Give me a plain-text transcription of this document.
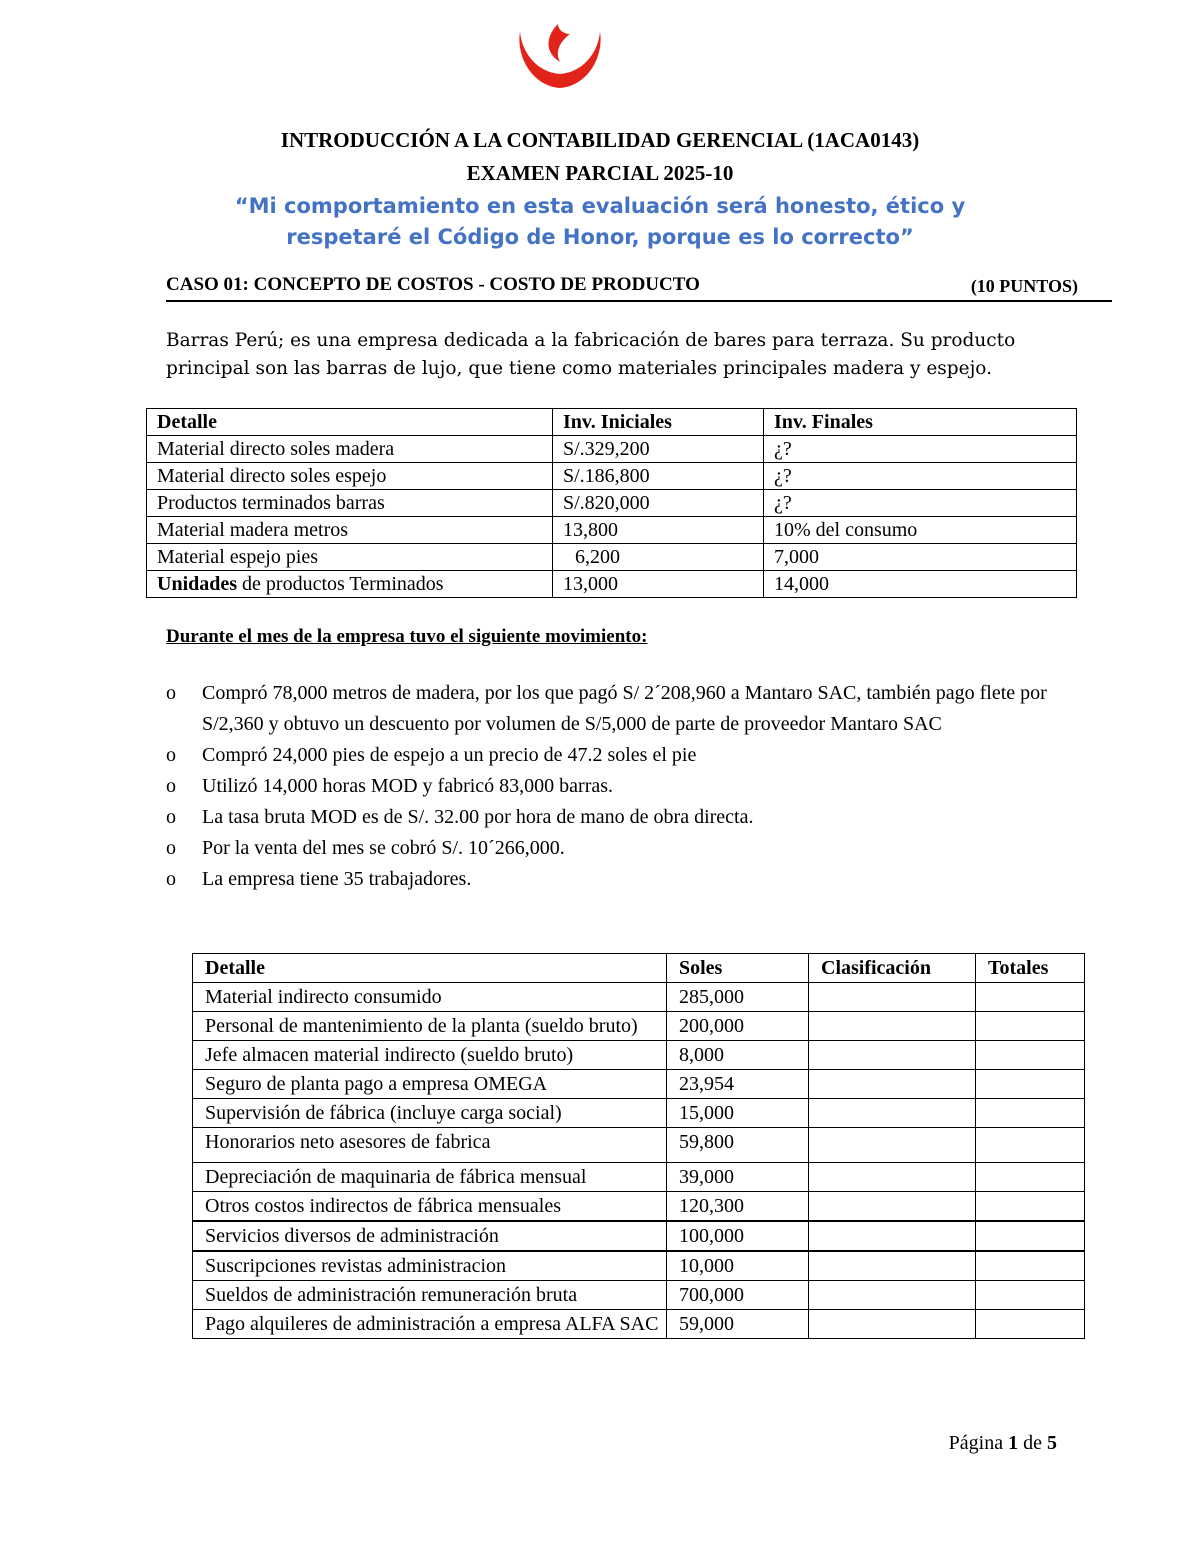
INTRODUCCIÓN A LA CONTABILIDAD GERENCIAL (1ACA0143)
EXAMEN PARCIAL 2025-10
“Mi comportamiento en esta evaluación será honesto, ético y
respetaré el Código de Honor, porque es lo correcto”
CASO 01: CONCEPTO DE COSTOS - COSTO DE PRODUCTO	(10 PUNTOS)
Barras Perú; es una empresa dedicada a la fabricación de bares para terraza. Su producto
principal son las barras de lujo, que tiene como materiales principales madera y espejo.
Detalle	Inv. Iniciales	Inv. Finales
Material directo soles madera	S/.329,200	¿?
Material directo soles espejo	S/.186,800	¿?
Productos terminados barras	S/.820,000	¿?
Material madera metros	13,800	10% del consumo
Material espejo pies	6,200	7,000
Unidades de productos Terminados	13,000	14,000
Durante el mes de la empresa tuvo el siguiente movimiento:
o Compró 78,000 metros de madera, por los que pagó S/ 2´208,960 a Mantaro SAC, también pago flete por S/2,360 y obtuvo un descuento por volumen de S/5,000 de parte de proveedor Mantaro SAC
o Compró 24,000 pies de espejo a un precio de 47.2 soles el pie
o Utilizó 14,000 horas MOD y fabricó 83,000 barras.
o La tasa bruta MOD es de S/. 32.00 por hora de mano de obra directa.
o Por la venta del mes se cobró S/. 10´266,000.
o La empresa tiene 35 trabajadores.
Detalle	Soles	Clasificación	Totales
Material indirecto consumido	285,000		
Personal de mantenimiento de la planta (sueldo bruto)	200,000		
Jefe almacen material indirecto (sueldo bruto)	8,000		
Seguro de planta pago a empresa OMEGA	23,954		
Supervisión de fábrica (incluye carga social)	15,000		
Honorarios neto asesores de fabrica	59,800		
Depreciación de maquinaria de fábrica mensual	39,000		
Otros costos indirectos de fábrica mensuales	120,300		
Servicios diversos de administración	100,000		
Suscripciones revistas administracion	10,000		
Sueldos de administración remuneración bruta	700,000		
Pago alquileres de administración a empresa ALFA SAC	59,000		
Página 1 de 5
